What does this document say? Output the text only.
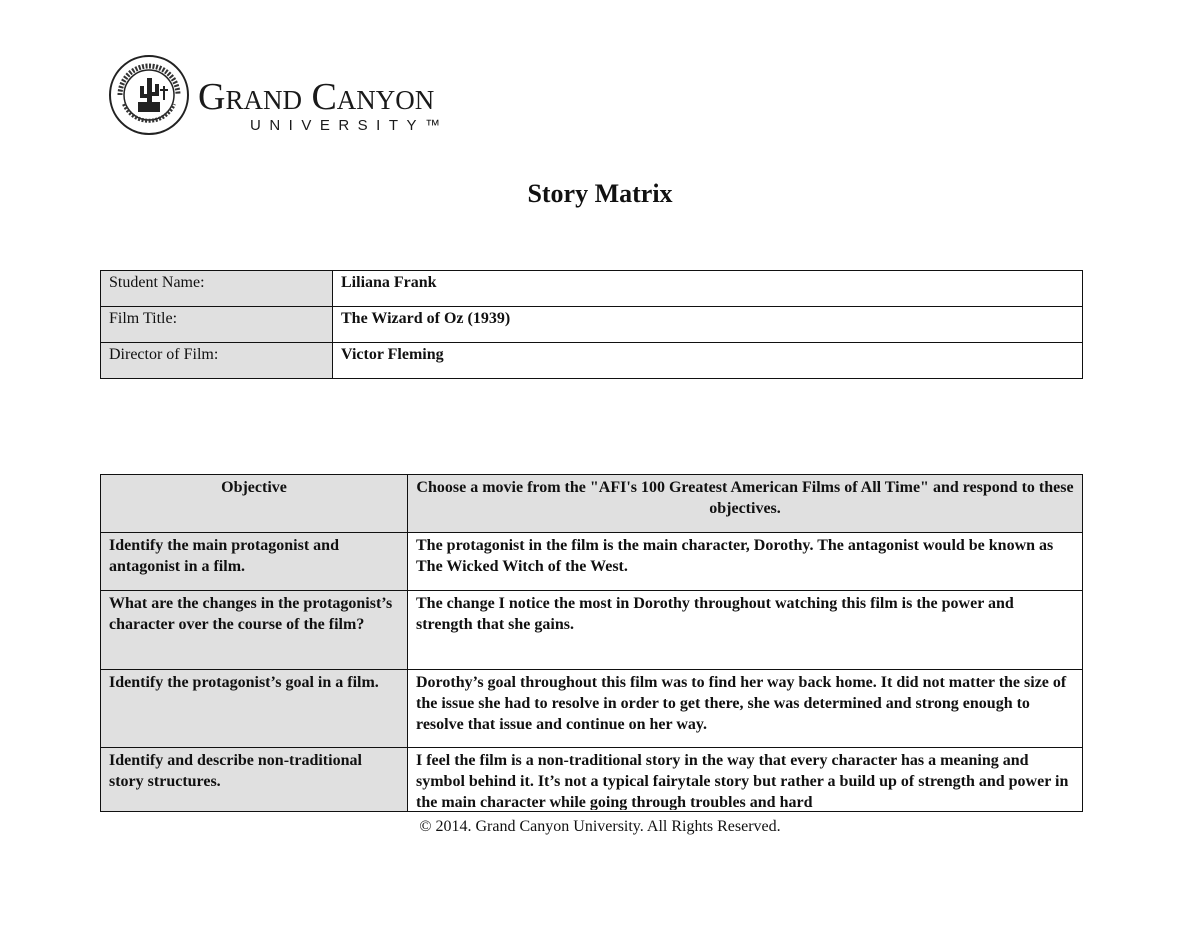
Grand Canyon
UNIVERSITY™
Story Matrix
Student Name:	Liliana Frank
Film Title:	The Wizard of Oz (1939)
Director of Film:	Victor Fleming
Objective	Choose a movie from the "AFI's 100 Greatest American Films of All Time" and respond to these objectives.
Identify the main protagonist and antagonist in a film.	The protagonist in the film is the main character, Dorothy. The antagonist would be known as The Wicked Witch of the West.
What are the changes in the protagonist’s character over the course of the film?	The change I notice the most in Dorothy throughout watching this film is the power and strength that she gains.
Identify the protagonist’s goal in a film.	Dorothy’s goal throughout this film was to find her way back home. It did not matter the size of the issue she had to resolve in order to get there, she was determined and strong enough to resolve that issue and continue on her way.

Identify and describe non-traditional story structures.	I feel the film is a non-traditional story in the way that every character has a meaning and symbol behind it. It’s not a typical fairytale story but rather a build up of strength and power in the main character while going through troubles and hard
© 2014. Grand Canyon University. All Rights Reserved.
